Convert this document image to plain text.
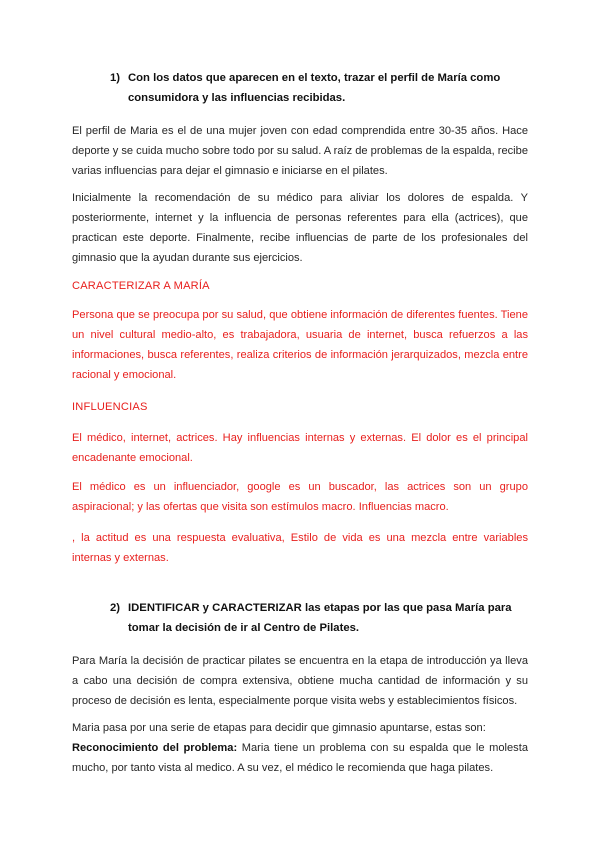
1) Con los datos que aparecen en el texto, trazar el perfil de María como consumidora y las influencias recibidas.
El perfil de Maria es el de una mujer joven con edad comprendida entre 30-35 años. Hace deporte y se cuida mucho sobre todo por su salud. A raíz de problemas de la espalda, recibe varias influencias para dejar el gimnasio e iniciarse en el pilates.
Inicialmente la recomendación de su médico para aliviar los dolores de espalda. Y posteriormente, internet y la influencia de personas referentes para ella (actrices), que practican este deporte. Finalmente, recibe influencias de parte de los profesionales del gimnasio que la ayudan durante sus ejercicios.
CARACTERIZAR A MARÍA
Persona que se preocupa por su salud, que obtiene información de diferentes fuentes. Tiene un nivel cultural medio-alto, es trabajadora, usuaria de internet, busca refuerzos a las informaciones, busca referentes, realiza criterios de información jerarquizados, mezcla entre racional y emocional.
INFLUENCIAS
El médico, internet, actrices. Hay influencias internas y externas. El dolor es el principal encadenante emocional.
El médico es un influenciador, google es un buscador, las actrices son un grupo aspiracional; y las ofertas que visita son estímulos macro. Influencias macro.
, la actitud es una respuesta evaluativa, Estilo de vida es una mezcla entre variables internas y externas.
2) IDENTIFICAR y CARACTERIZAR las etapas por las que pasa María para tomar la decisión de ir al Centro de Pilates.
Para María la decisión de practicar pilates se encuentra en la etapa de introducción ya lleva a cabo una decisión de compra extensiva, obtiene mucha cantidad de información y su proceso de decisión es lenta, especialmente porque visita webs y establecimientos físicos.
Maria pasa por una serie de etapas para decidir que gimnasio apuntarse, estas son:
Reconocimiento del problema: Maria tiene un problema con su espalda que le molesta mucho, por tanto vista al medico. A su vez, el médico le recomienda que haga pilates.
